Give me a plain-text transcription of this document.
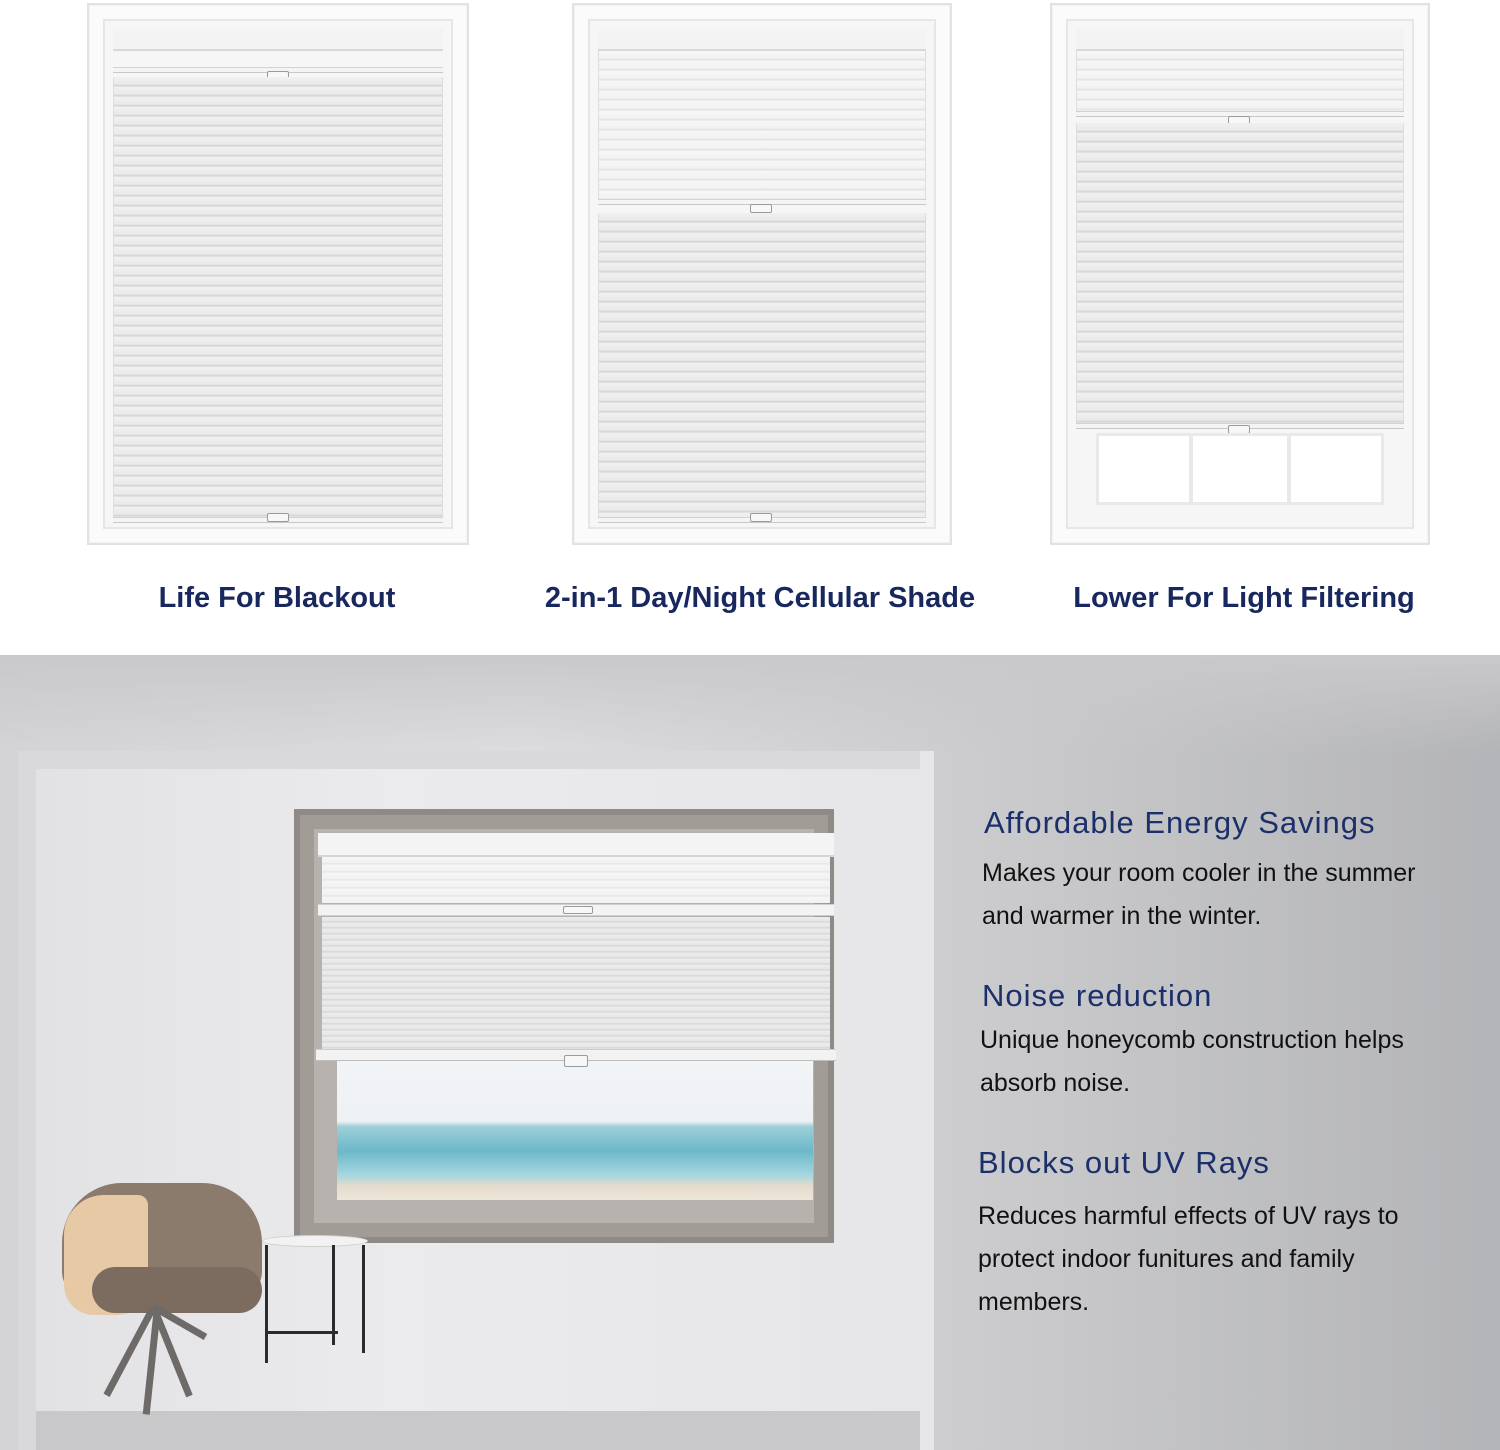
Life For Blackout	2-in-1 Day/Night Cellular Shade	Lower For Light Filtering
Affordable Energy Savings
Makes your room cooler in the summer
and warmer in the winter.
Noise reduction
Unique honeycomb construction helps
absorb noise.
Blocks out UV Rays
Reduces harmful effects of UV rays to
protect indoor funitures and family
members.
